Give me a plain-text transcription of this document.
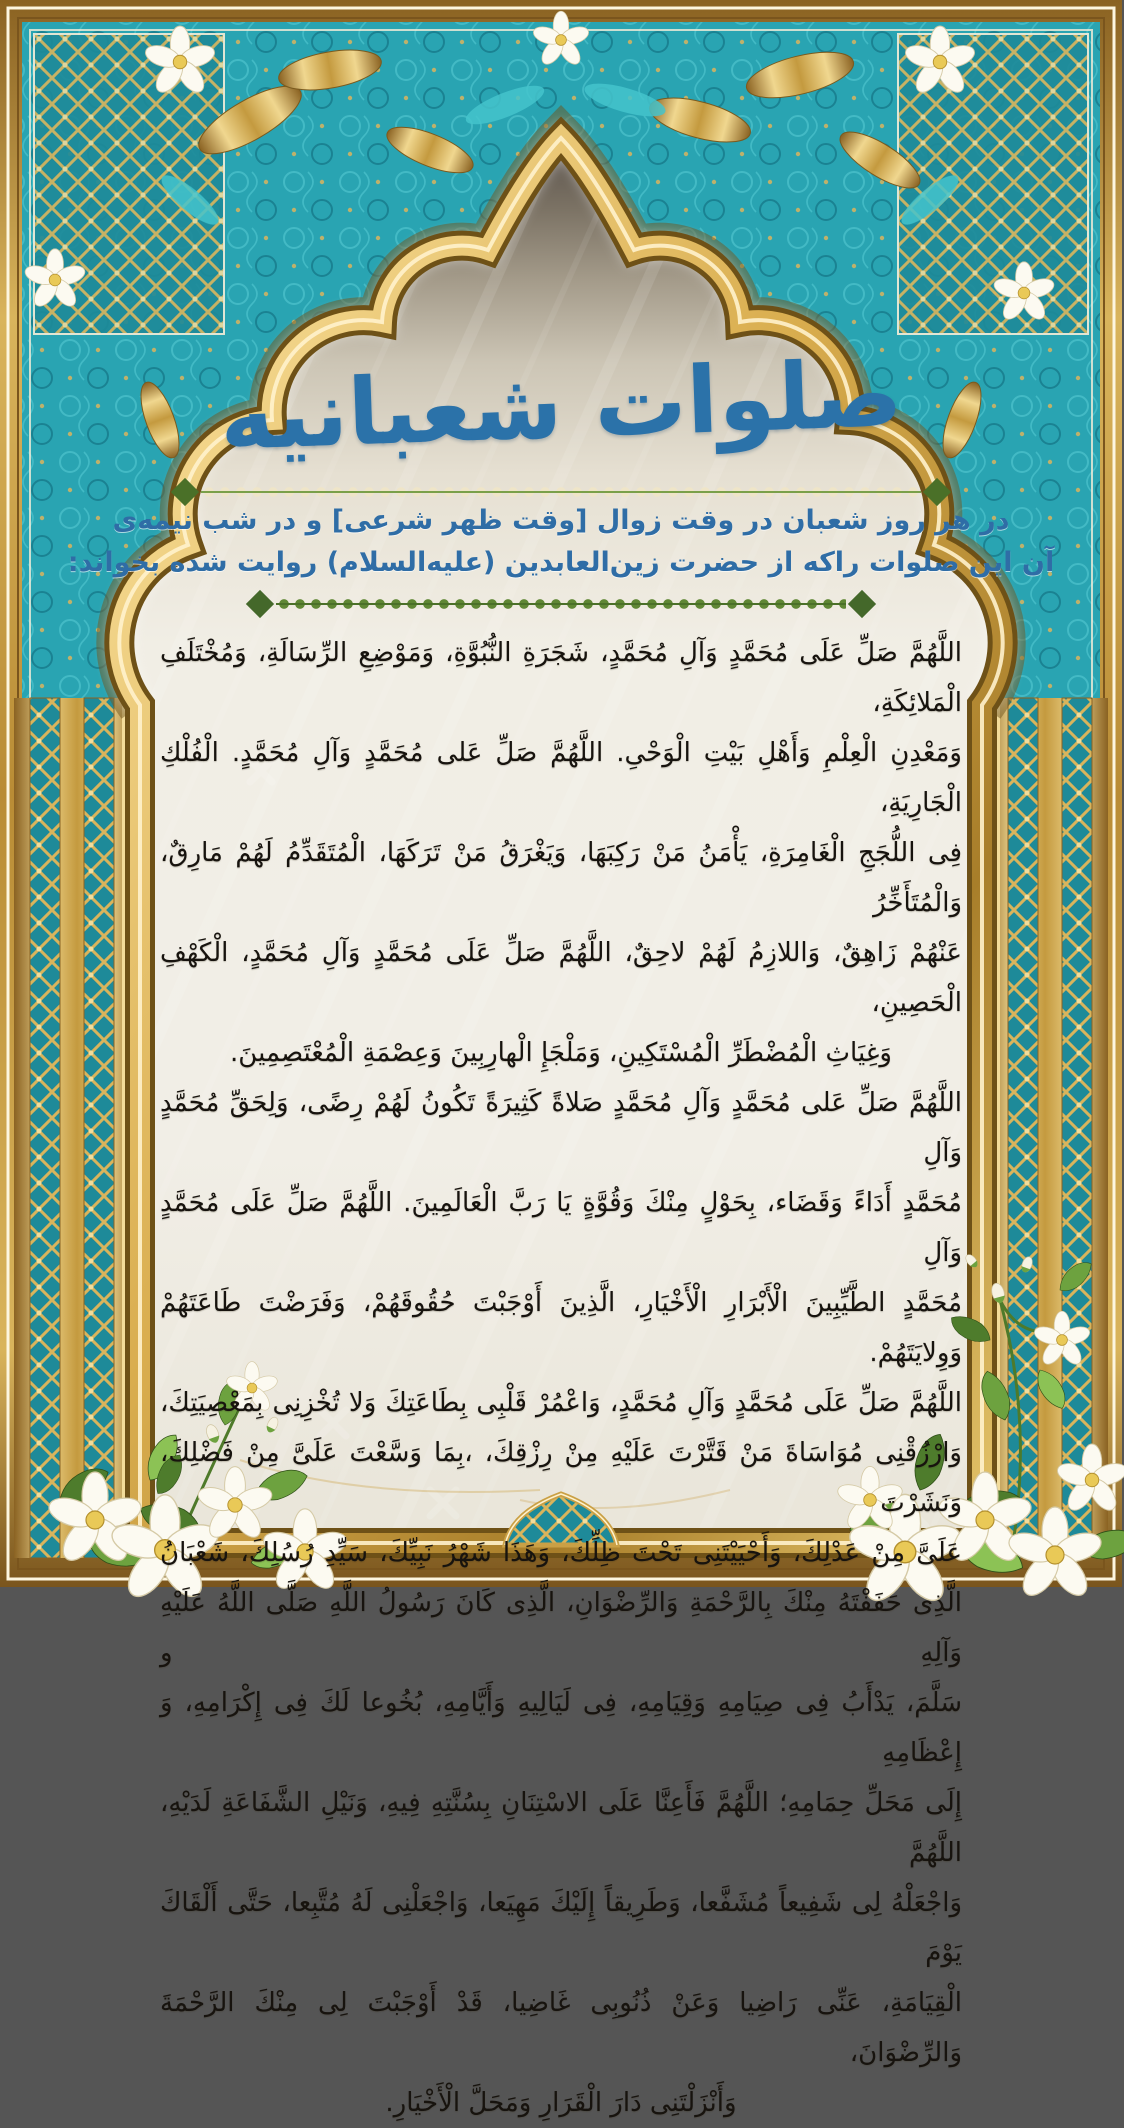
صلوات شعبانیه
در هر روز شعبان در وقت زوال [وقت ظهر شرعی] و در شب نیمه‌ی
آن این صلوات راکه از حضرت زین‌العابدین (علیه‌السلام) روایت شده بخواند:
اللَّهُمَّ صَلِّ عَلَى مُحَمَّدٍ وَآلِ مُحَمَّدٍ، شَجَرَةِ النُّبُوَّةِ، وَمَوْضِعِ الرِّسَالَةِ، وَمُخْتَلَفِ الْمَلائِكَةِ،
وَمَعْدِنِ الْعِلْمِ وَأَهْلِ بَيْتِ الْوَحْىِ. اللَّهُمَّ صَلِّ عَلى مُحَمَّدٍ وَآلِ مُحَمَّدٍ. الْفُلْكِ الْجَارِيَةِ،
فِى اللُّجَجِ الْغَامِرَةِ، يَأْمَنُ مَنْ رَكِبَهَا، وَيَغْرَقُ مَنْ تَرَكَهَا، الْمُتَقَدِّمُ لَهُمْ مَارِقٌ، وَالْمُتَأَخِّرُ
عَنْهُمْ زَاهِقٌ، وَاللازِمُ لَهُمْ لاحِقٌ، اللَّهُمَّ صَلِّ عَلَى مُحَمَّدٍ وَآلِ مُحَمَّدٍ، الْكَهْفِ الْحَصِينِ،
وَغِيَاثِ الْمُضْطَرِّ الْمُسْتَكِينِ، وَمَلْجَإِ الْهارِبِينَ وَعِصْمَةِ الْمُعْتَصِمِينَ.
اللَّهُمَّ صَلِّ عَلى مُحَمَّدٍ وَآلِ مُحَمَّدٍ صَلاةً كَثِيرَةً تَكُونُ لَهُمْ رِضًى، وَلِحَقِّ مُحَمَّدٍ وَآلِ
مُحَمَّدٍ أَدَاءً وَقَضَاء، بِحَوْلٍ مِنْكَ وَقُوَّةٍ يَا رَبَّ الْعَالَمِينَ. اللَّهُمَّ صَلِّ عَلَى مُحَمَّدٍ وَآلِ
مُحَمَّدٍ الطَّيِّبِينَ الْأَبْرَارِ الْأَخْيَارِ، الَّذِينَ أَوْجَبْتَ حُقُوقَهُمْ، وَفَرَضْتَ طَاعَتَهُمْ وَوِلايَتَهُمْ.
اللَّهُمَّ صَلِّ عَلَى مُحَمَّدٍ وَآلِ مُحَمَّدٍ، وَاعْمُرْ قَلْبِى بِطَاعَتِكَ وَلا تُخْزِنِى بِمَعْصِيَتِكَ،
وَارْزُقْنِى مُوَاسَاةَ مَنْ قَتَّرْتَ عَلَيْهِ مِنْ رِزْقِكَ، ،بِمَا وَسَّعْتَ عَلَىَّ مِنْ فَضْلِكَ، وَنَشَرْتَ
عَلَىَّ مِنْ عَدْلِكَ، وَأَحْيَيْتَنِى تَحْتَ ظِلِّكَ، وَهَذَا شَهْرُ نَبِيِّكَ، سَيِّدِ رُسُلِكَ، شَعْبَانُ
الَّذِى حَفَفْتَهُ مِنْكَ بِالرَّحْمَةِ وَالرِّضْوَانِ، الَّذِى كَانَ رَسُولُ اللَّهِ صَلَّى اللَّهُ عَلَيْهِ وَآلِهِ و
سَلَّمَ، يَدْأَبُ فِى صِيَامِهِ وَقِيَامِهِ، فِى لَيَالِيهِ وَأَيَّامِهِ، بُخُوعا لَكَ فِى إِكْرَامِهِ، وَ إِعْظَامِهِ
إِلَى مَحَلِّ حِمَامِهِ؛ اللَّهُمَّ فَأَعِنَّا عَلَى الاسْتِنَانِ بِسُنَّتِهِ فِيهِ، وَنَيْلِ الشَّفَاعَةِ لَدَيْهِ، اللَّهُمَّ
وَاجْعَلْهُ لِى شَفِيعاً مُشَفَّعا، وَطَرِيقاً إِلَيْكَ مَهِيَعا، وَاجْعَلْنِى لَهُ مُتَّبِعا، حَتَّى أَلْقَاكَ يَوْمَ
الْقِيَامَةِ، عَنِّى رَاضِيا وَعَنْ ذُنُوبِى غَاضِيا، قَدْ أَوْجَبْتَ لِى مِنْكَ الرَّحْمَةَ وَالرِّضْوَانَ،
وَأَنْزَلْتَنِى دَارَ الْقَرَارِ وَمَحَلَّ الْأَخْيَارِ.
